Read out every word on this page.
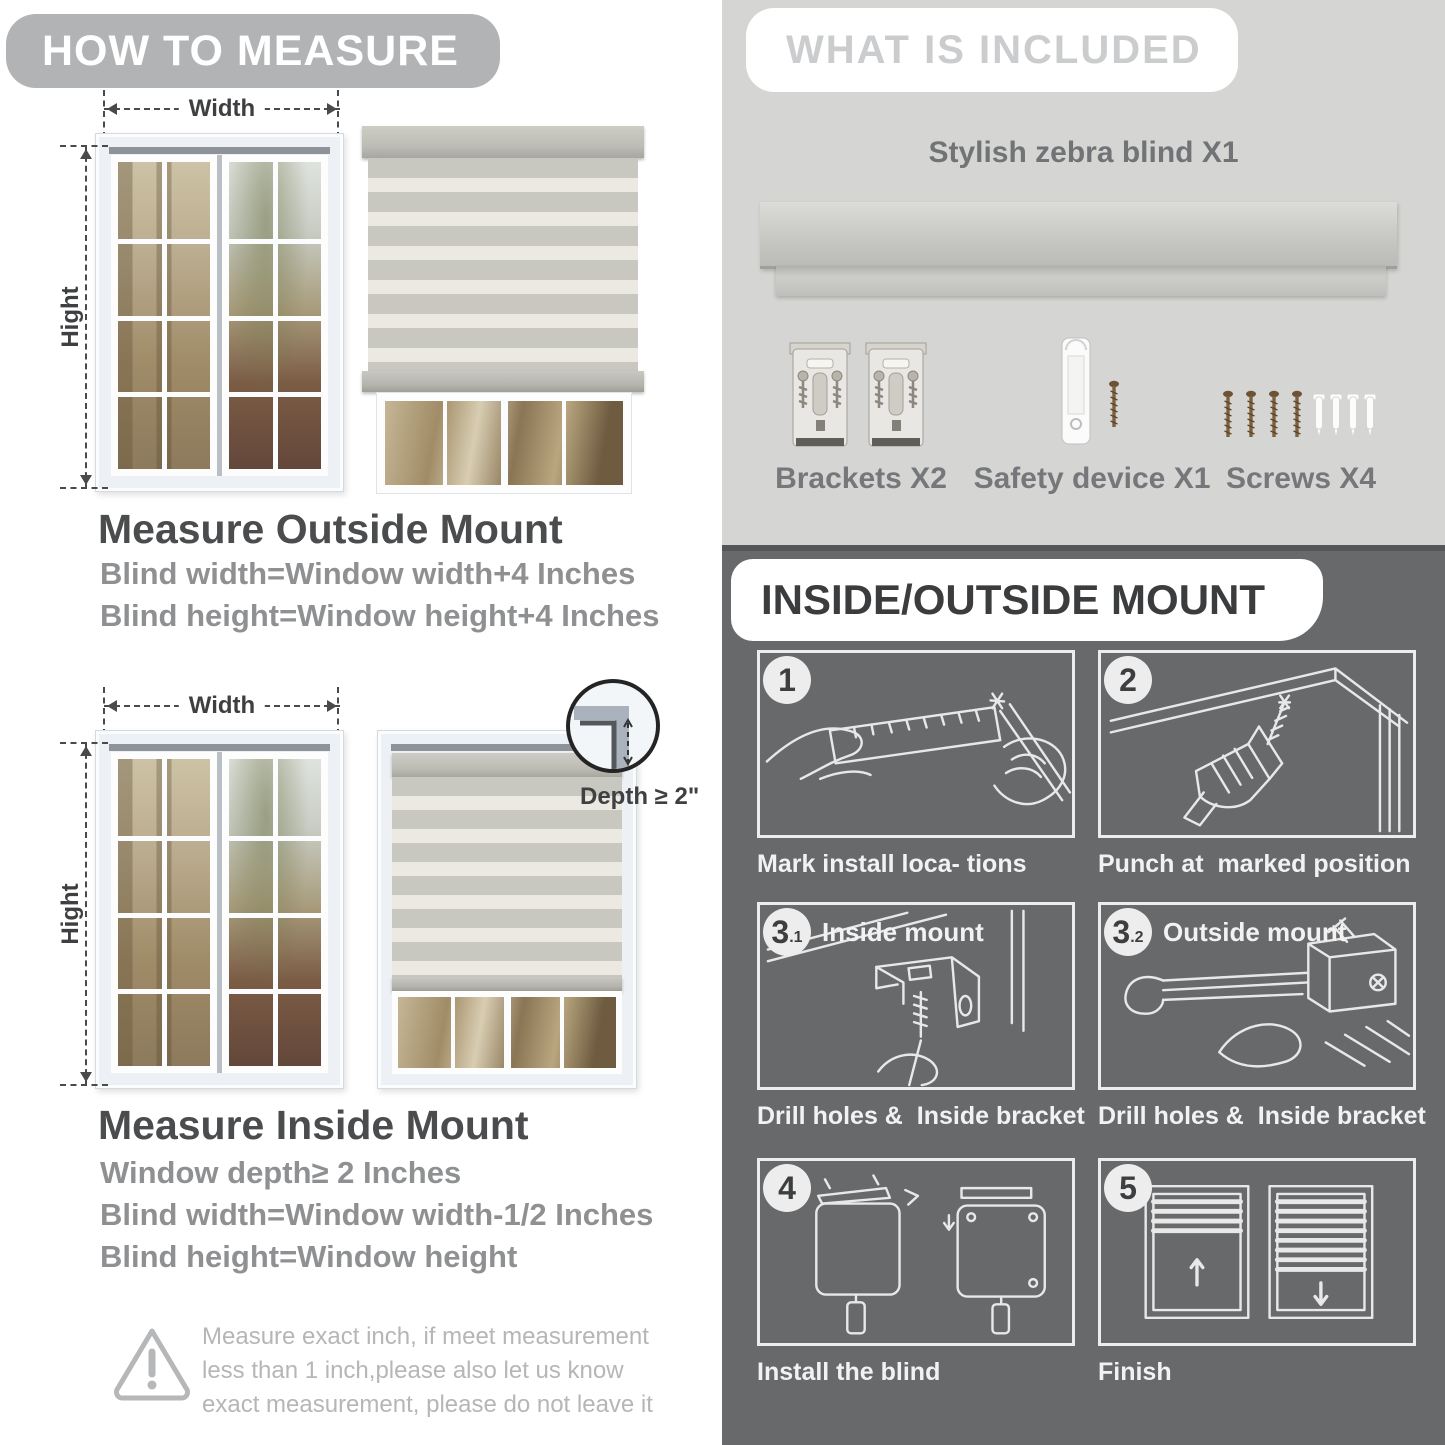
HOW TO MEASURE
Width
Hight
Measure Outside Mount

Blind width=Window width+4 Inches

Blind height=Window height+4 Inches

Width
Hight
Depth ≥ 2"
Measure Inside Mount

Window depth≥ 2 Inches

Blind width=Window width-1/2 Inches

Blind height=Window height

Measure exact inch, if meet measurement less than 1 inch,please also let us know exact measurement, please do not leave it

WHAT IS INCLUDED
Stylish zebra blind X1
Brackets X2 Safety device X1 Screws X4
INSIDE/OUTSIDE MOUNT
1
Mark install loca- tions
2
Punch at  marked position
3 .1 Inside mount
Drill holes &  Inside bracket
3 .2 Outside mount
Drill holes &  Inside bracket
4
Install the blind
5
Finish
